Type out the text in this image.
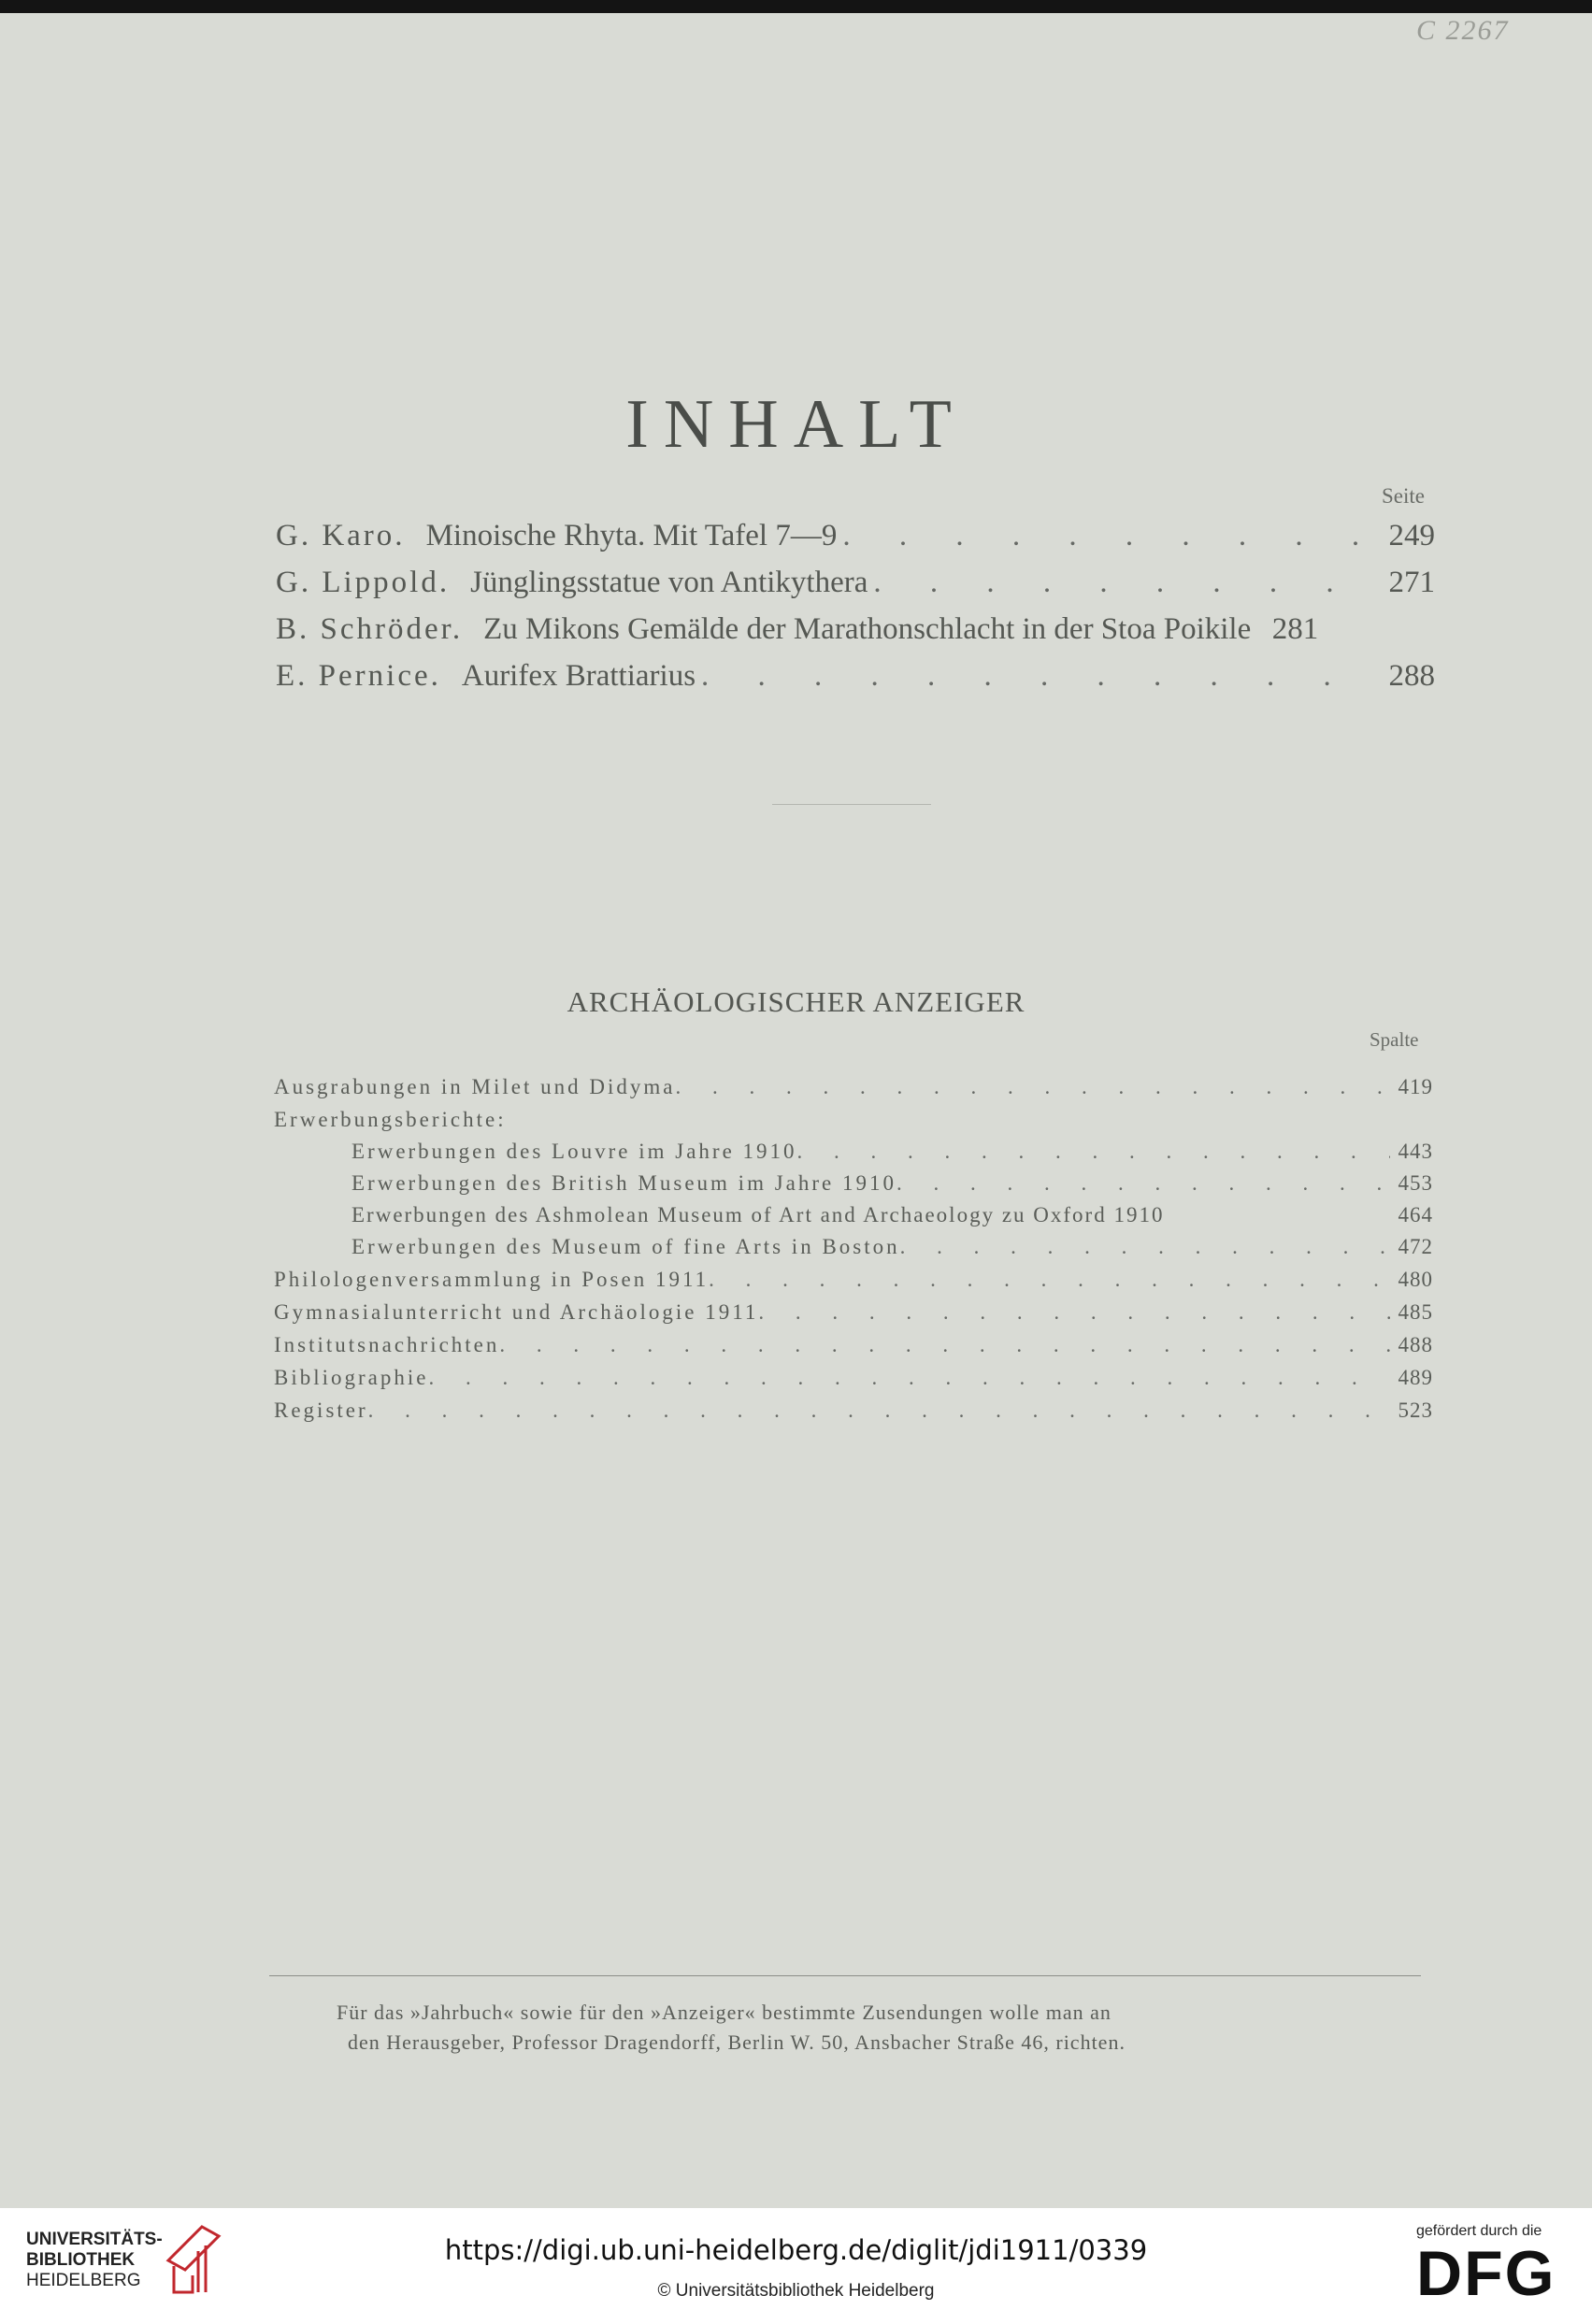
C 2267
INHALT
Seite
G. Karo. Minoische Rhyta. Mit Tafel 7—9 . . .	249
G. Lippold. Jünglingsstatue von Antikythera . . .	271
B. Schröder. Zu Mikons Gemälde der Marathonschlacht in der Stoa Poikile 281
E. Pernice. Aurifex Brattiarius . . .	288
ARCHÄOLOGISCHER ANZEIGER
Spalte
Ausgrabungen in Milet und Didyma . . .	419
Erwerbungsberichte:
Erwerbungen des Louvre im Jahre 1910 . . .	443
Erwerbungen des British Museum im Jahre 1910 . . .	453
Erwerbungen des Ashmolean Museum of Art and Archaeology zu Oxford 1910	464
Erwerbungen des Museum of fine Arts in Boston . . .	472
Philologenversammlung in Posen 1911 . . .	480
Gymnasialunterricht und Archäologie 1911 . . .	485
Institutsnachrichten . . .	488
Bibliographie . . .	489
Register . . .	523
Für das »Jahrbuch« sowie für den »Anzeiger« bestimmte Zusendungen wolle man an
den Herausgeber, Professor Dragendorff, Berlin W. 50, Ansbacher Straße 46, richten.
UNIVERSITÄTS-
BIBLIOTHEK
HEIDELBERG
https://digi.ub.uni-heidelberg.de/diglit/jdi1911/0339
© Universitätsbibliothek Heidelberg
gefördert durch die
DFG
